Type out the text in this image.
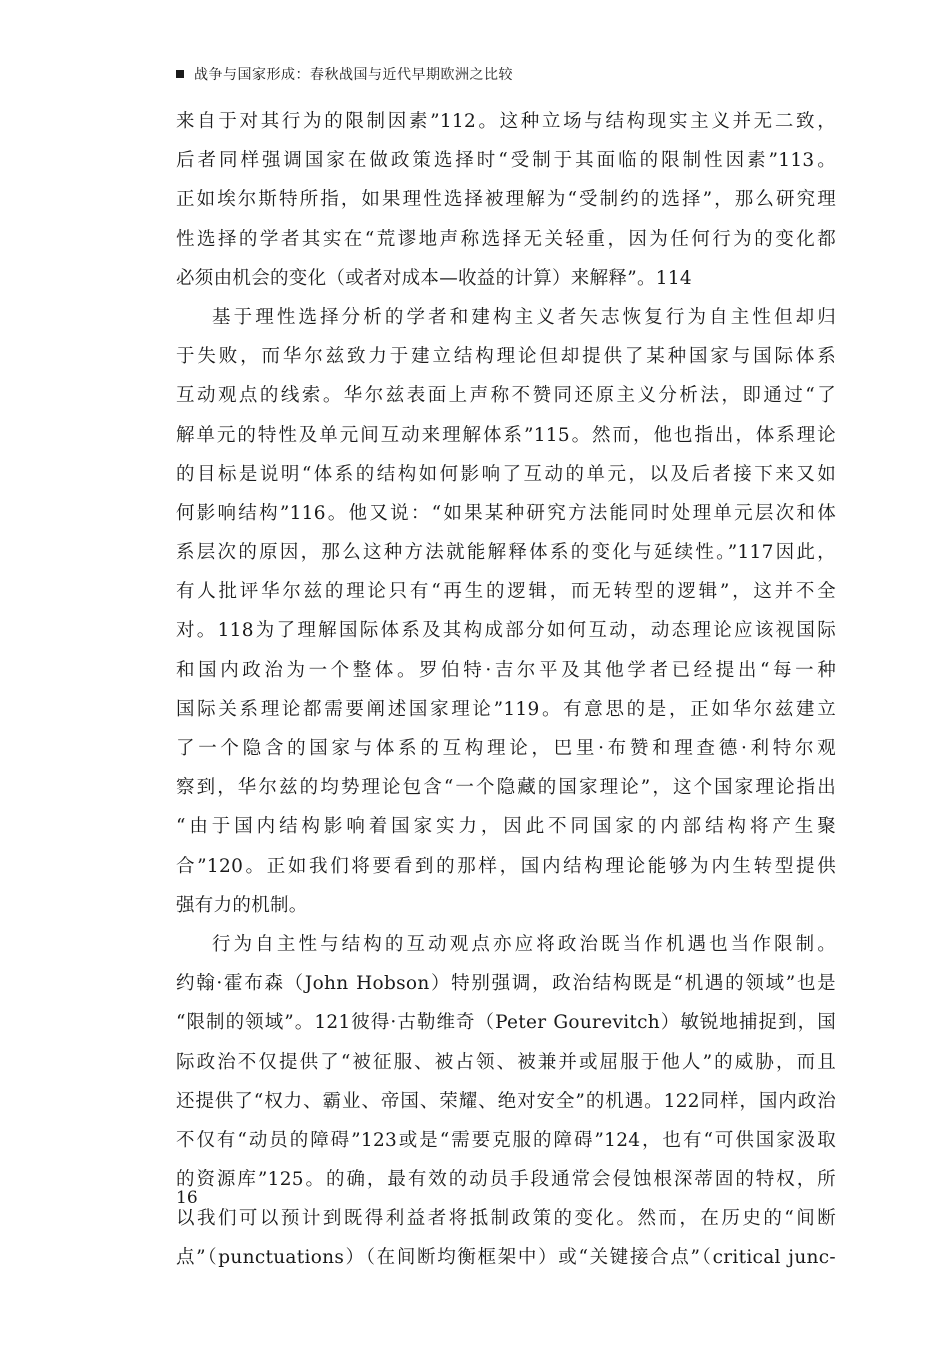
战争与国家形成：春秋战国与近代早期欧洲之比较
来自于对其行为的限制因素”112。这种立场与结构现实主义并无二致，
后者同样强调国家在做政策选择时“受制于其面临的限制性因素”113。
正如埃尔斯特所指，如果理性选择被理解为“受制约的选择”，那么研究理
性选择的学者其实在“荒谬地声称选择无关轻重，因为任何行为的变化都
必须由机会的变化（或者对成本—收益的计算）来解释”。114
基于理性选择分析的学者和建构主义者矢志恢复行为自主性但却归
于失败，而华尔兹致力于建立结构理论但却提供了某种国家与国际体系
互动观点的线索。华尔兹表面上声称不赞同还原主义分析法，即通过“了
解单元的特性及单元间互动来理解体系”115。然而，他也指出，体系理论
的目标是说明“体系的结构如何影响了互动的单元，以及后者接下来又如
何影响结构”116。他又说：“如果某种研究方法能同时处理单元层次和体
系层次的原因，那么这种方法就能解释体系的变化与延续性。”117因此，
有人批评华尔兹的理论只有“再生的逻辑，而无转型的逻辑”，这并不全
对。118为了理解国际体系及其构成部分如何互动，动态理论应该视国际
和国内政治为一个整体。罗伯特·吉尔平及其他学者已经提出“每一种
国际关系理论都需要阐述国家理论”119。有意思的是，正如华尔兹建立
了一个隐含的国家与体系的互构理论，巴里·布赞和理查德·利特尔观
察到，华尔兹的均势理论包含“一个隐藏的国家理论”，这个国家理论指出
“由于国内结构影响着国家实力，因此不同国家的内部结构将产生聚
合”120。正如我们将要看到的那样，国内结构理论能够为内生转型提供
强有力的机制。
行为自主性与结构的互动观点亦应将政治既当作机遇也当作限制。
约翰·霍布森（John Hobson）特别强调，政治结构既是“机遇的领域”也是
“限制的领域”。121彼得·古勒维奇（Peter Gourevitch）敏锐地捕捉到，国
际政治不仅提供了“被征服、被占领、被兼并或屈服于他人”的威胁，而且
还提供了“权力、霸业、帝国、荣耀、绝对安全”的机遇。122同样，国内政治
不仅有“动员的障碍”123或是“需要克服的障碍”124，也有“可供国家汲取
的资源库”125。的确，最有效的动员手段通常会侵蚀根深蒂固的特权，所
以我们可以预计到既得利益者将抵制政策的变化。然而，在历史的“间断
点”（punctuations）（在间断均衡框架中）或“关键接合点”（critical junc-
16
